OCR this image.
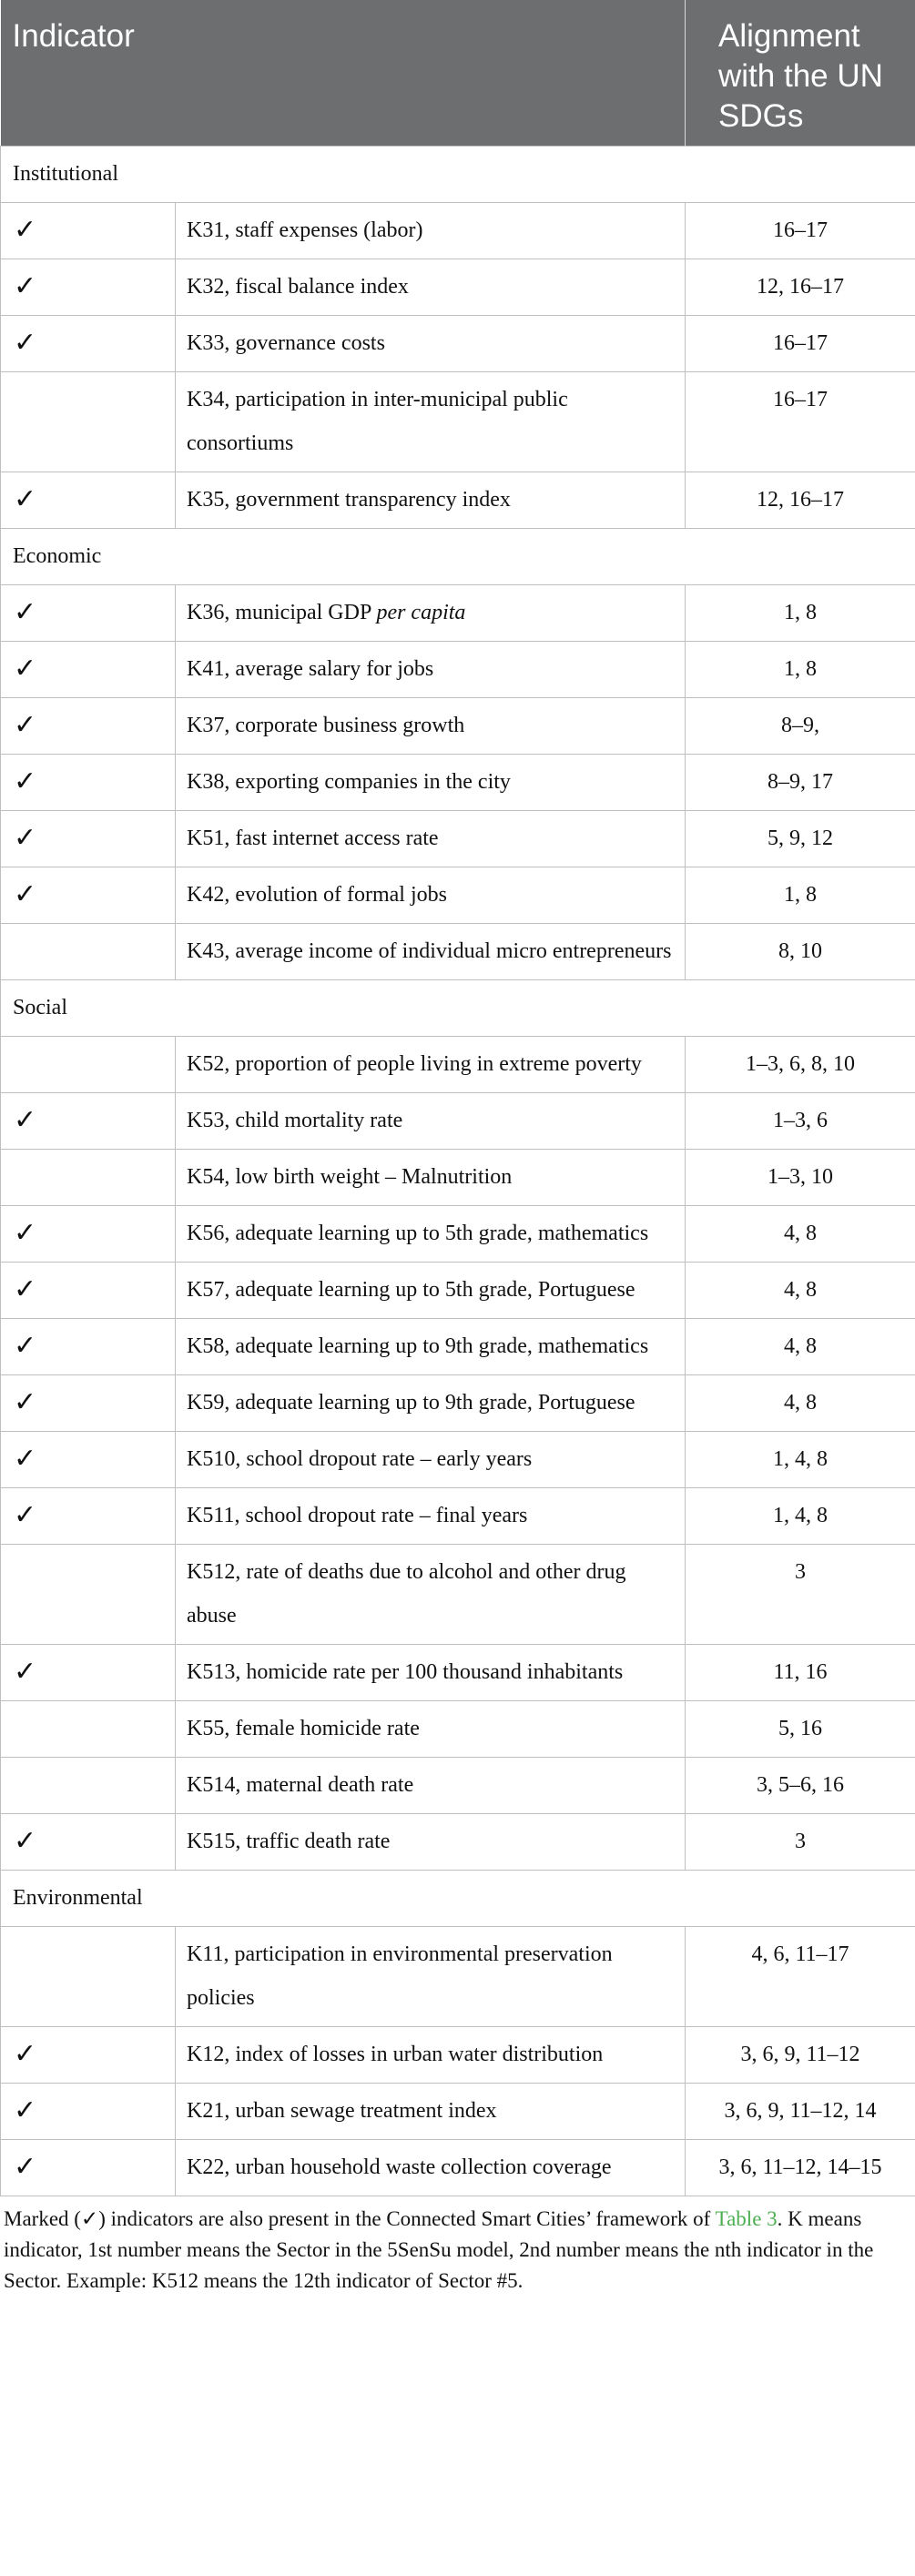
Indicator		Alignment with the UN SDGs
Institutional		
✓	K31, staff expenses (labor)	16–17
✓	K32, fiscal balance index	12, 16–17
✓	K33, governance costs	16–17
	K34, participation in inter-municipal public consortiums	16–17
✓	K35, government transparency index	12, 16–17
Economic		
✓	K36, municipal GDP per capita	1, 8
✓	K41, average salary for jobs	1, 8
✓	K37, corporate business growth	8–9,
✓	K38, exporting companies in the city	8–9, 17
✓	K51, fast internet access rate	5, 9, 12
✓	K42, evolution of formal jobs	1, 8
	K43, average income of individual micro entrepreneurs	8, 10
Social		
	K52, proportion of people living in extreme poverty	1–3, 6, 8, 10
✓	K53, child mortality rate	1–3, 6
	K54, low birth weight – Malnutrition	1–3, 10
✓	K56, adequate learning up to 5th grade, mathematics	4, 8
✓	K57, adequate learning up to 5th grade, Portuguese	4, 8
✓	K58, adequate learning up to 9th grade, mathematics	4, 8
✓	K59, adequate learning up to 9th grade, Portuguese	4, 8
✓	K510, school dropout rate – early years	1, 4, 8
✓	K511, school dropout rate – final years	1, 4, 8
	K512, rate of deaths due to alcohol and other drug abuse	3
✓	K513, homicide rate per 100 thousand inhabitants	11, 16
	K55, female homicide rate	5, 16
	K514, maternal death rate	3, 5–6, 16
✓	K515, traffic death rate	3
Environmental		
	K11, participation in environmental preservation policies	4, 6, 11–17
✓	K12, index of losses in urban water distribution	3, 6, 9, 11–12
✓	K21, urban sewage treatment index	3, 6, 9, 11–12, 14
✓	K22, urban household waste collection coverage	3, 6, 11–12, 14–15
Marked (✓) indicators are also present in the Connected Smart Cities’ framework of Table 3. K means indicator, 1st number means the Sector in the 5SenSu model, 2nd number means the nth indicator in the Sector. Example: K512 means the 12th indicator of Sector #5.
